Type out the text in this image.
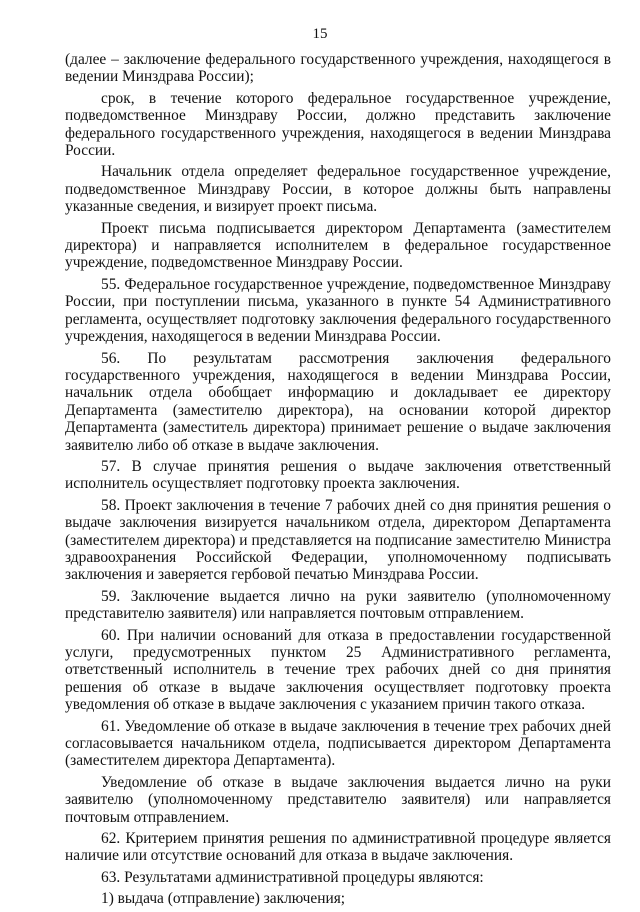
15

(далее – заключение федерального государственного учреждения, находящегося в ведении Минздрава России);

срок, в течение которого федеральное государственное учреждение, подведомственное Минздраву России, должно представить заключение федерального государственного учреждения, находящегося в ведении Минздрава России.

Начальник отдела определяет федеральное государственное учреждение, подведомственное Минздраву России, в которое должны быть направлены указанные сведения, и визирует проект письма.

Проект письма подписывается директором Департамента (заместителем директора) и направляется исполнителем в федеральное государственное учреждение, подведомственное Минздраву России.

55. Федеральное государственное учреждение, подведомственное Минздраву России, при поступлении письма, указанного в пункте 54 Административного регламента, осуществляет подготовку заключения федерального государственного учреждения, находящегося в ведении Минздрава России.

56. По результатам рассмотрения заключения федерального государственного учреждения, находящегося в ведении Минздрава России, начальник отдела обобщает информацию и докладывает ее директору Департамента (заместителю директора), на основании которой директор Департамента (заместитель директора) принимает решение о выдаче заключения заявителю либо об отказе в выдаче заключения.

57. В случае принятия решения о выдаче заключения ответственный исполнитель осуществляет подготовку проекта заключения.

58. Проект заключения в течение 7 рабочих дней со дня принятия решения о выдаче заключения визируется начальником отдела, директором Департамента (заместителем директора) и представляется на подписание заместителю Министра здравоохранения Российской Федерации, уполномоченному подписывать заключения и заверяется гербовой печатью Минздрава России.

59. Заключение выдается лично на руки заявителю (уполномоченному представителю заявителя) или направляется почтовым отправлением.

60. При наличии оснований для отказа в предоставлении государственной услуги, предусмотренных пунктом 25 Административного регламента, ответственный исполнитель в течение трех рабочих дней со дня принятия решения об отказе в выдаче заключения осуществляет подготовку проекта уведомления об отказе в выдаче заключения с указанием причин такого отказа.

61. Уведомление об отказе в выдаче заключения в течение трех рабочих дней согласовывается начальником отдела, подписывается директором Департамента (заместителем директора Департамента).

Уведомление об отказе в выдаче заключения выдается лично на руки заявителю (уполномоченному представителю заявителя) или направляется почтовым отправлением.

62. Критерием принятия решения по административной процедуре является наличие или отсутствие оснований для отказа в выдаче заключения.

63. Результатами административной процедуры являются:

1) выдача (отправление) заключения;
